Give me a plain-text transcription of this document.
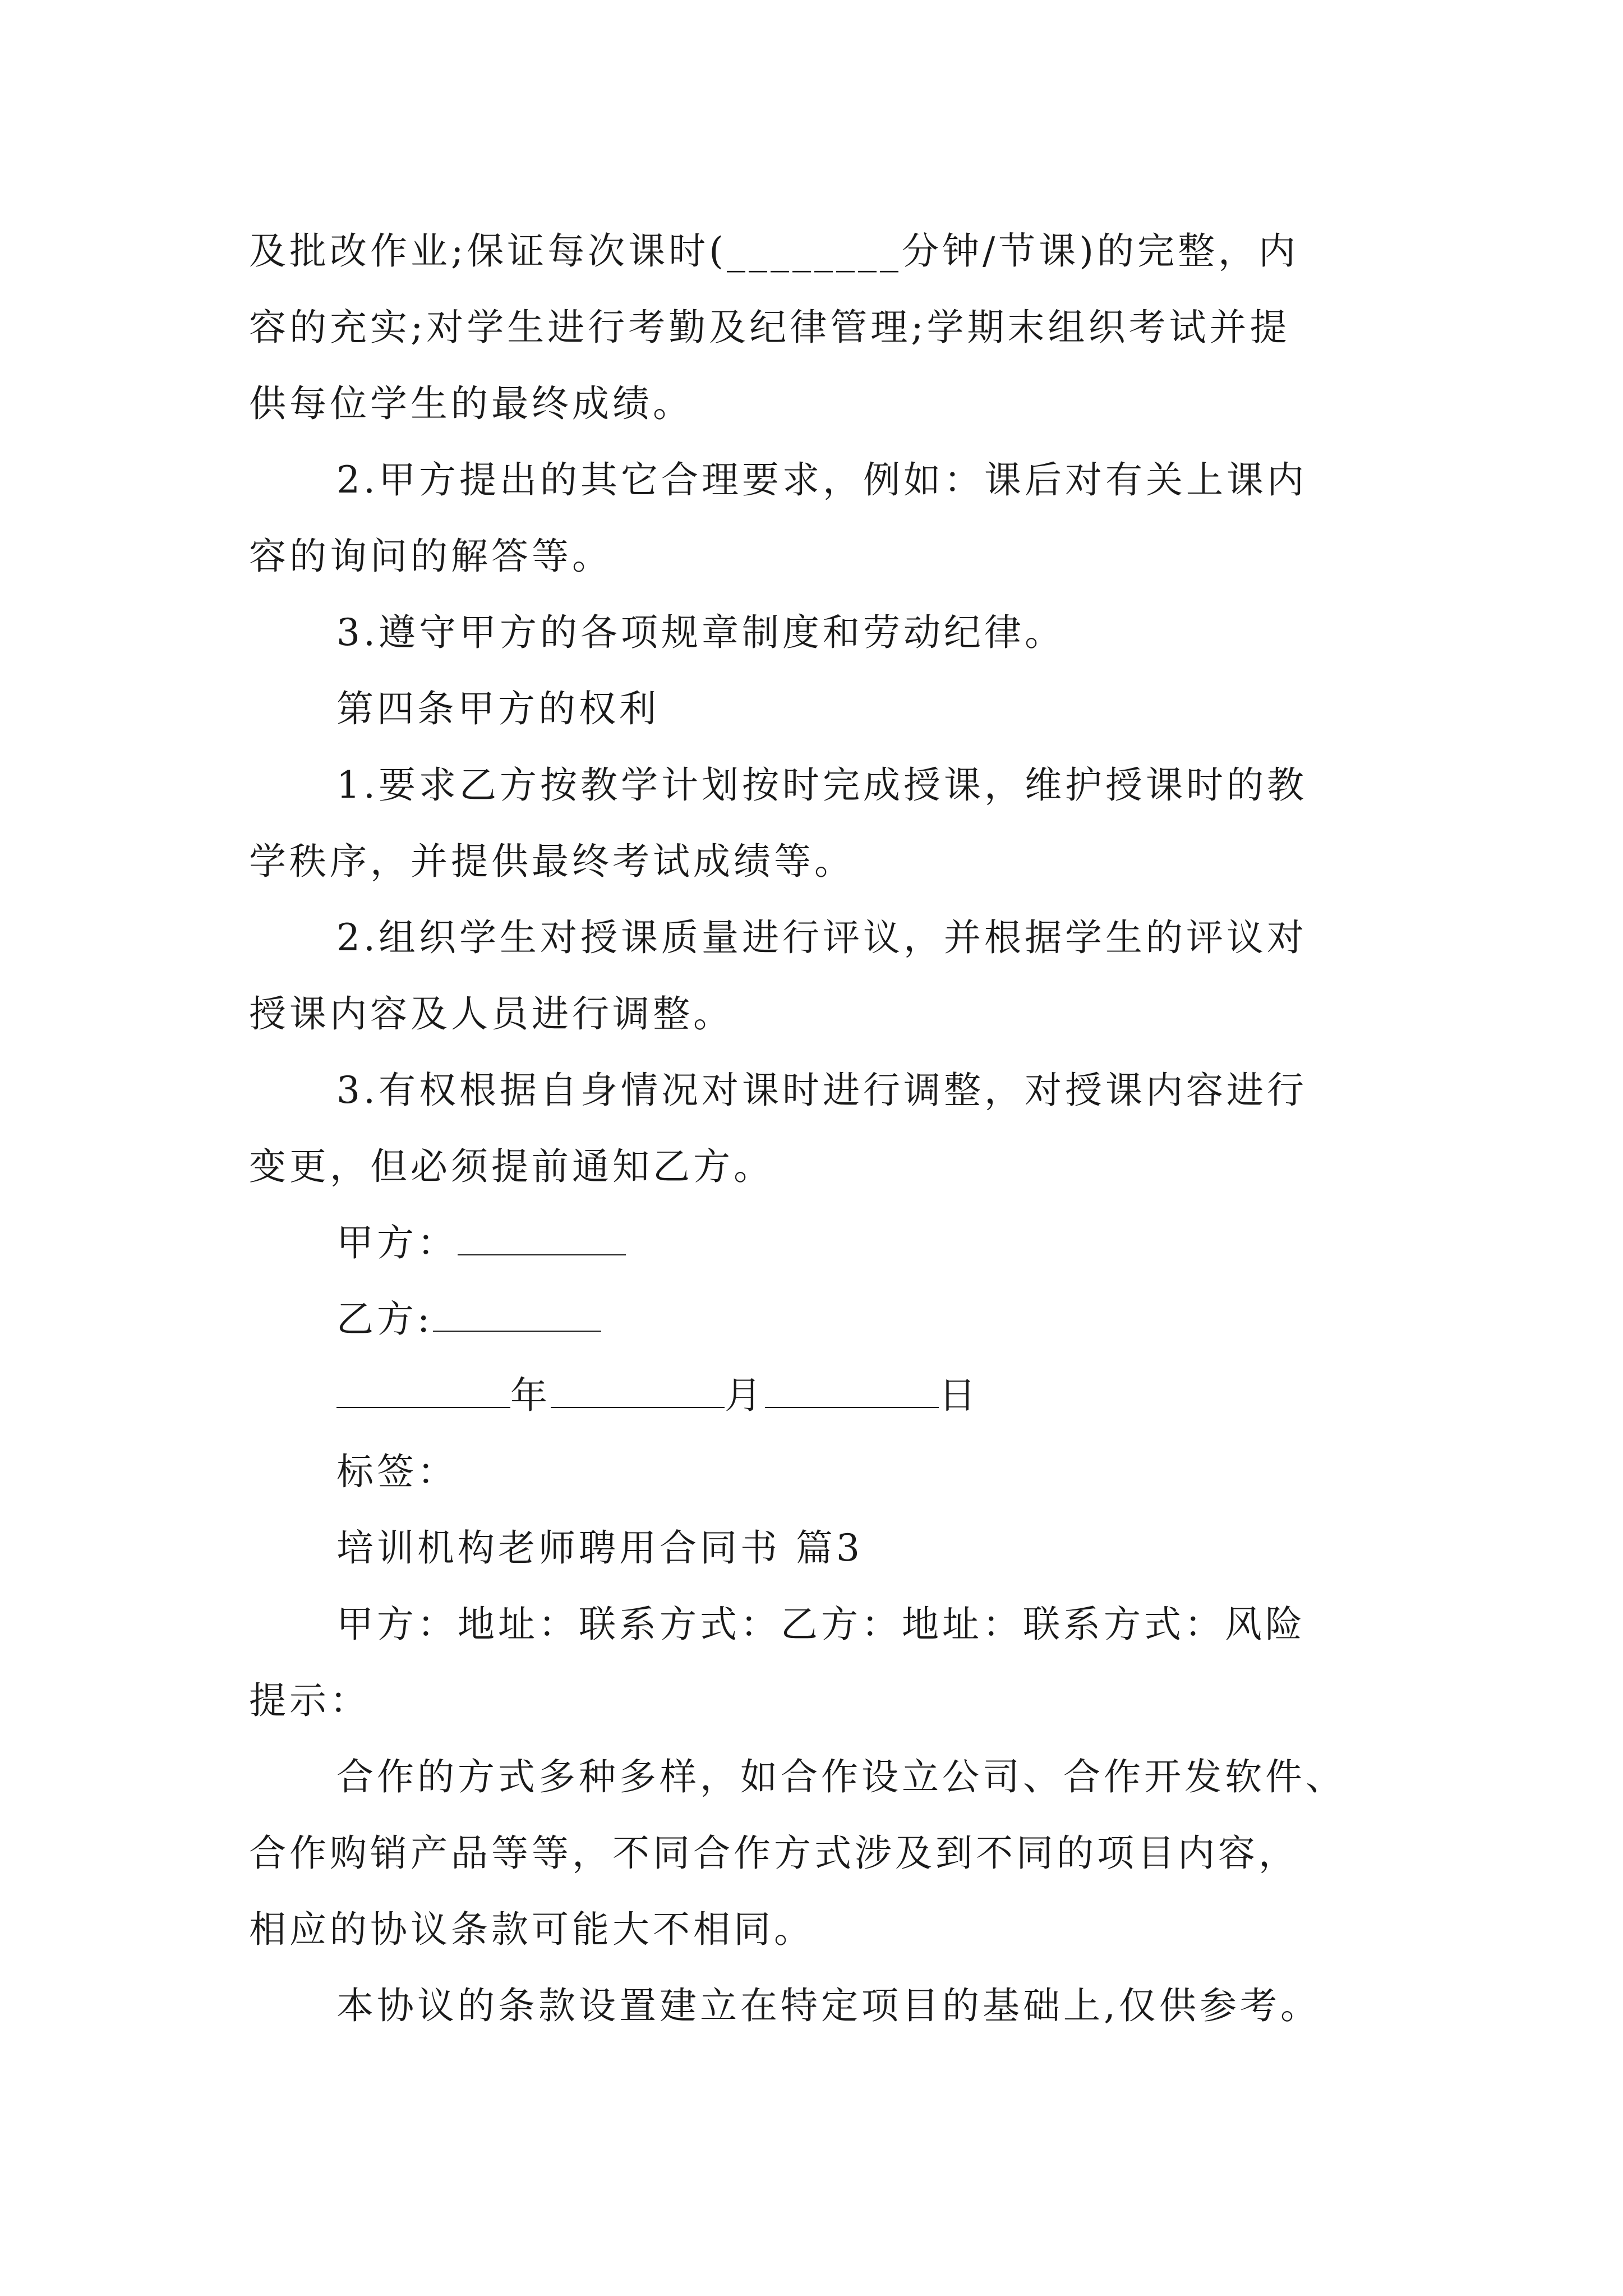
及批改作业;保证每次课时(________分钟/节课)的完整，内
容的充实;对学生进行考勤及纪律管理;学期末组织考试并提
供每位学生的最终成绩。
2.甲方提出的其它合理要求，例如：课后对有关上课内
容的询问的解答等。
3.遵守甲方的各项规章制度和劳动纪律。
第四条甲方的权利
1.要求乙方按教学计划按时完成授课，维护授课时的教
学秩序，并提供最终考试成绩等。
2.组织学生对授课质量进行评议，并根据学生的评议对
授课内容及人员进行调整。
3.有权根据自身情况对课时进行调整，对授课内容进行
变更，但必须提前通知乙方。
甲方：
乙方:
年	月	日
标签：
培训机构老师聘用合同书 篇3
甲方：地址：联系方式：乙方：地址：联系方式：风险
提示：
合作的方式多种多样，如合作设立公司、合作开发软件、
合作购销产品等等，不同合作方式涉及到不同的项目内容，
相应的协议条款可能大不相同。
本协议的条款设置建立在特定项目的基础上,仅供参考。
